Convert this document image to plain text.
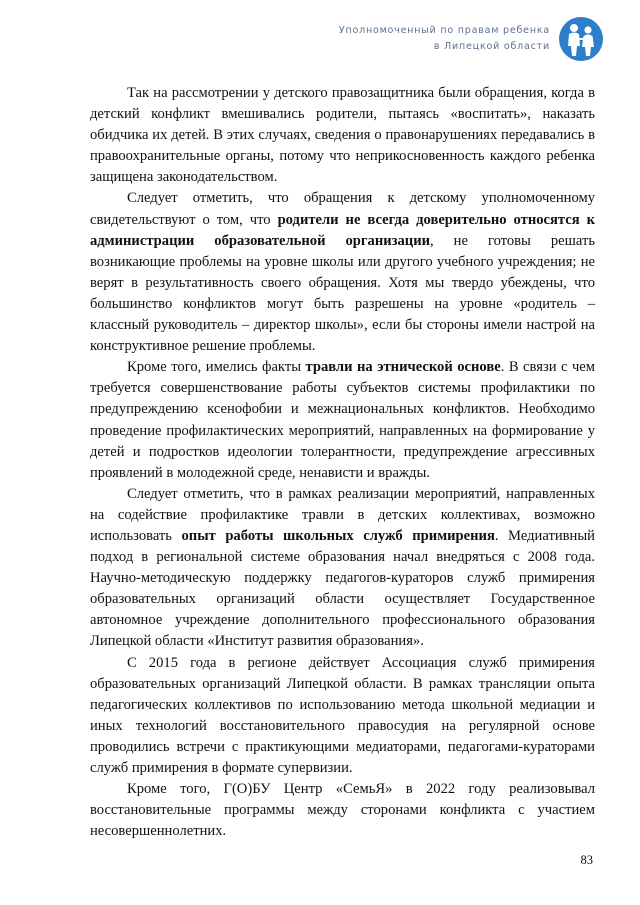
Уполномоченный по правам ребенка
в Липецкой области

Так на рассмотрении у детского правозащитника были обращения, когда в детский конфликт вмешивались родители, пытаясь «воспитать», наказать обидчика их детей. В этих случаях, сведения о правонарушениях передавались в правоохранительные органы, потому что неприкосновенность каждого ребенка защищена законодательством.

Следует отметить, что обращения к детскому уполномоченному свидетельствуют о том, что родители не всегда доверительно относятся к администрации образовательной организации, не готовы решать возникающие проблемы на уровне школы или другого учебного учреждения; не верят в результативность своего обращения. Хотя мы твердо убеждены, что большинство конфликтов могут быть разрешены на уровне «родитель – классный руководитель – директор школы», если бы стороны имели настрой на конструктивное решение проблемы.

Кроме того, имелись факты травли на этнической основе. В связи с чем требуется совершенствование работы субъектов системы профилактики по предупреждению ксенофобии и межнациональных конфликтов. Необходимо проведение профилактических мероприятий, направленных на формирование у детей и подростков идеологии толерантности, предупреждение агрессивных проявлений в молодежной среде, ненависти и вражды.

Следует отметить, что в рамках реализации мероприятий, направленных на содействие профилактике травли в детских коллективах, возможно использовать опыт работы школьных служб примирения. Медиативный подход в региональной системе образования начал внедряться с 2008 года. Научно-методическую поддержку педагогов-кураторов служб примирения образовательных организаций области осуществляет Государственное автономное учреждение дополнительного профессионального образования Липецкой области «Институт развития образования».

С 2015 года в регионе действует Ассоциация служб примирения образовательных организаций Липецкой области. В рамках трансляции опыта педагогических коллективов по использованию метода школьной медиации и иных технологий восстановительного правосудия на регулярной основе проводились встречи с практикующими медиаторами, педагогами-кураторами служб примирения в формате супервизии.

Кроме того, Г(О)БУ Центр «СемьЯ» в 2022 году реализовывал восстановительные программы между сторонами конфликта с участием несовершеннолетних.

83
